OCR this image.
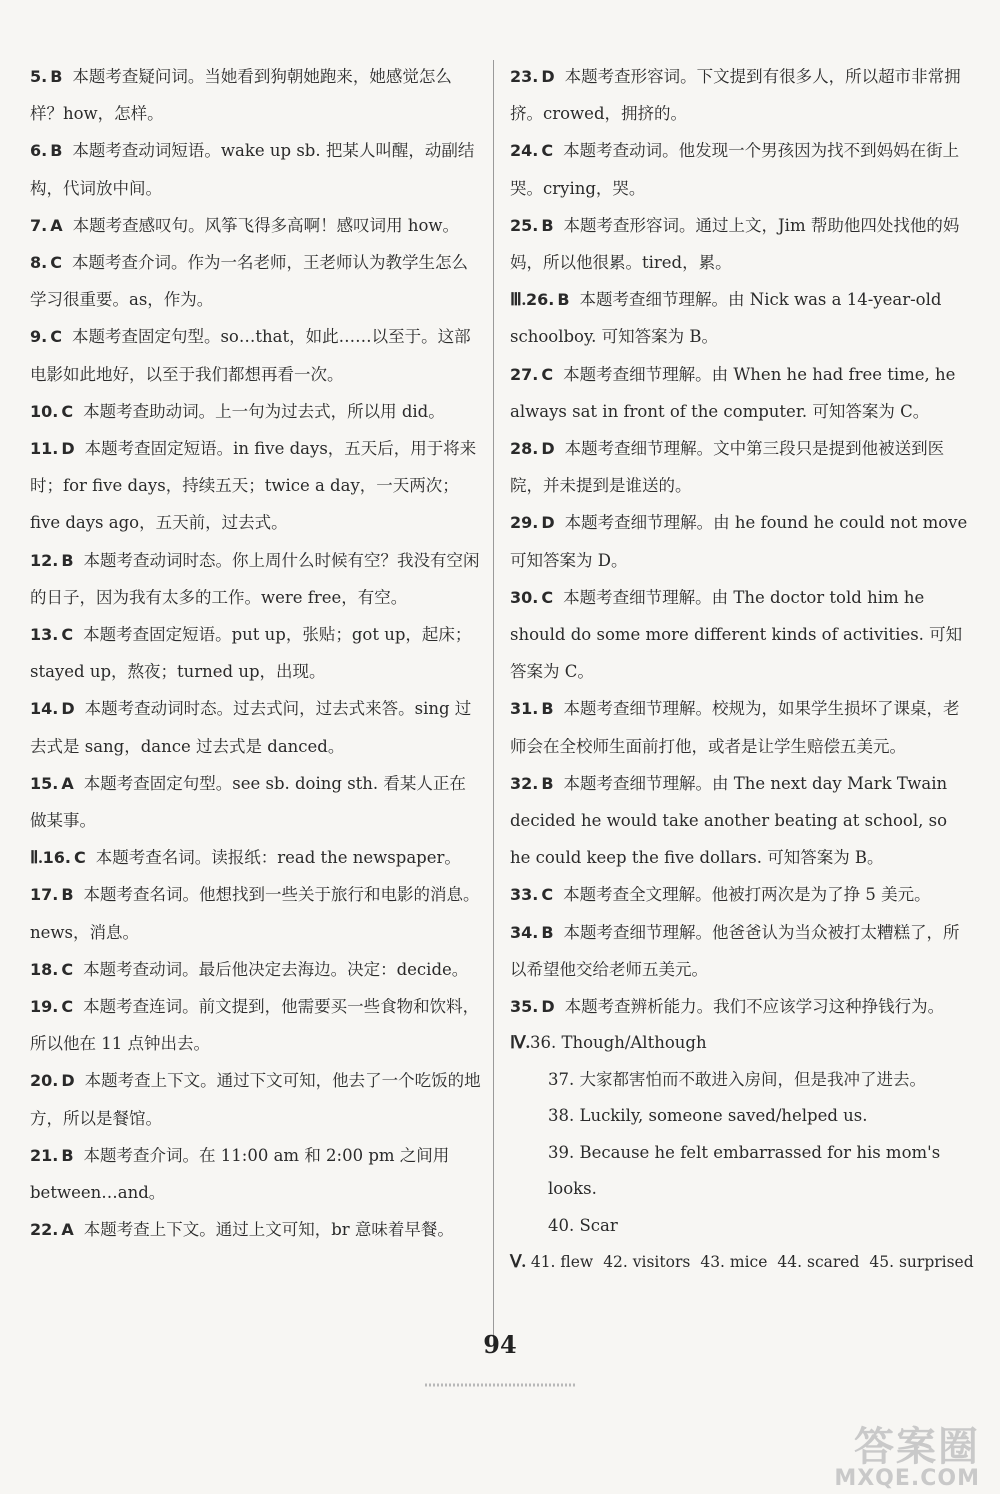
5. B 本题考查疑问词。当她看到狗朝她跑来，她感觉怎么样？how，怎样。
6. B 本题考查动词短语。wake up sb. 把某人叫醒，动副结构，代词放中间。
7. A 本题考查感叹句。风筝飞得多高啊！感叹词用 how。
8. C 本题考查介词。作为一名老师，王老师认为教学生怎么学习很重要。as，作为。
9. C 本题考查固定句型。so…that，如此……以至于。这部电影如此地好，以至于我们都想再看一次。
10. C 本题考查助动词。上一句为过去式，所以用 did。
11. D 本题考查固定短语。in five days，五天后，用于将来时；for five days，持续五天；twice a day，一天两次；five days ago，五天前，过去式。
12. B 本题考查动词时态。你上周什么时候有空？我没有空闲的日子，因为我有太多的工作。were free，有空。
13. C 本题考查固定短语。put up，张贴；got up，起床；stayed up，熬夜；turned up，出现。
14. D 本题考查动词时态。过去式问，过去式来答。sing 过去式是 sang，dance 过去式是 danced。
15. A 本题考查固定句型。see sb. doing sth. 看某人正在做某事。
Ⅱ.16. C 本题考查名词。读报纸：read the newspaper。
17. B 本题考查名词。他想找到一些关于旅行和电影的消息。news，消息。
18. C 本题考查动词。最后他决定去海边。决定：decide。
19. C 本题考查连词。前文提到，他需要买一些食物和饮料，所以他在 11 点钟出去。
20. D 本题考查上下文。通过下文可知，他去了一个吃饭的地方，所以是餐馆。
21. B 本题考查介词。在 11:00 am 和 2:00 pm 之间用 between…and。
22. A 本题考查上下文。通过上文可知，br 意味着早餐。
23. D 本题考查形容词。下文提到有很多人，所以超市非常拥挤。crowed，拥挤的。
24. C 本题考查动词。他发现一个男孩因为找不到妈妈在街上哭。crying，哭。
25. B 本题考查形容词。通过上文，Jim 帮助他四处找他的妈妈，所以他很累。tired，累。
Ⅲ.26. B 本题考查细节理解。由 Nick was a 14-year-old schoolboy. 可知答案为 B。
27. C 本题考查细节理解。由 When he had free time, he always sat in front of the computer. 可知答案为 C。
28. D 本题考查细节理解。文中第三段只是提到他被送到医院，并未提到是谁送的。
29. D 本题考查细节理解。由 he found he could not move 可知答案为 D。
30. C 本题考查细节理解。由 The doctor told him he should do some more different kinds of activities. 可知答案为 C。
31. B 本题考查细节理解。校规为，如果学生损坏了课桌，老师会在全校师生面前打他，或者是让学生赔偿五美元。
32. B 本题考查细节理解。由 The next day Mark Twain decided he would take another beating at school, so he could keep the five dollars. 可知答案为 B。
33. C 本题考查全文理解。他被打两次是为了挣 5 美元。
34. B 本题考查细节理解。他爸爸认为当众被打太糟糕了，所以希望他交给老师五美元。
35. D 本题考查辨析能力。我们不应该学习这种挣钱行为。
Ⅳ.36. Though/Although
37. 大家都害怕而不敢进入房间，但是我冲了进去。
38. Luckily, someone saved/helped us.
39. Because he felt embarrassed for his mom's looks.
40. Scar
Ⅴ. 41. flew 42. visitors 43. mice 44. scared 45. surprised
94
答案圈
MXQE.COM
